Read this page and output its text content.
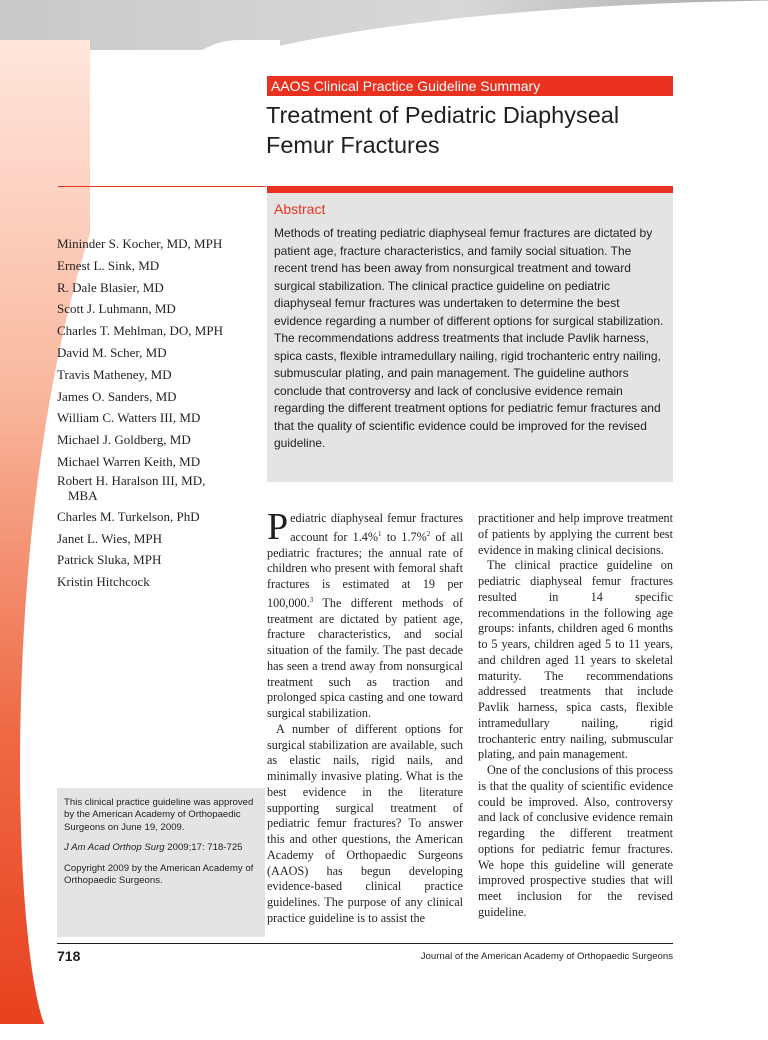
AAOS Clinical Practice Guideline Summary
Treatment of Pediatric Diaphyseal
Femur Fractures
Abstract

Methods of treating pediatric diaphyseal femur fractures are dictated by patient age, fracture characteristics, and family social situation. The recent trend has been away from nonsurgical treatment and toward surgical stabilization. The clinical practice guideline on pediatric diaphyseal femur fractures was undertaken to determine the best evidence regarding a number of different options for surgical stabilization. The recommendations address treatments that include Pavlik harness, spica casts, flexible intramedullary nailing, rigid trochanteric entry nailing, submuscular plating, and pain management. The guideline authors conclude that controversy and lack of conclusive evidence remain regarding the different treatment options for pediatric femur fractures and that the quality of scientific evidence could be improved for the revised guideline.

Mininder S. Kocher, MD, MPH
Ernest L. Sink, MD
R. Dale Blasier, MD
Scott J. Luhmann, MD
Charles T. Mehlman, DO, MPH
David M. Scher, MD
Travis Matheney, MD
James O. Sanders, MD
William C. Watters III, MD
Michael J. Goldberg, MD
Michael Warren Keith, MD
Robert H. Haralson III, MD,
MBA
Charles M. Turkelson, PhD
Janet L. Wies, MPH
Patrick Sluka, MPH
Kristin Hitchcock

This clinical practice guideline was approved by the American Academy of Orthopaedic Surgeons on June 19, 2009.

J Am Acad Orthop Surg 2009;17: 718-725

Copyright 2009 by the American Academy of Orthopaedic Surgeons.

Pediatric diaphyseal femur fractures account for 1.4%$^1$ to 1.7%$^2$ of all pediatric fractures; the annual rate of children who present with femoral shaft fractures is estimated at 19 per 100,000.$^3$ The different methods of treatment are dictated by patient age, fracture characteristics, and social situation of the family. The past decade has seen a trend away from nonsurgical treatment such as traction and prolonged spica casting and one toward surgical stabilization.

A number of different options for surgical stabilization are available, such as elastic nails, rigid nails, and minimally invasive plating. What is the best evidence in the literature supporting surgical treatment of pediatric femur fractures? To answer this and other questions, the American Academy of Orthopaedic Surgeons (AAOS) has begun developing evidence-based clinical practice guidelines. The purpose of any clinical practice guideline is to assist the

practitioner and help improve treatment of patients by applying the current best evidence in making clinical decisions.

The clinical practice guideline on pediatric diaphyseal femur fractures resulted in 14 specific recommendations in the following age groups: infants, children aged 6 months to 5 years, children aged 5 to 11 years, and children aged 11 years to skeletal maturity. The recommendations addressed treatments that include Pavlik harness, spica casts, flexible intramedullary nailing, rigid trochanteric entry nailing, submuscular plating, and pain management.

One of the conclusions of this process is that the quality of scientific evidence could be improved. Also, controversy and lack of conclusive evidence remain regarding the different treatment options for pediatric femur fractures. We hope this guideline will generate improved prospective studies that will meet inclusion for the revised guideline.

718	Journal of the American Academy of Orthopaedic Surgeons
